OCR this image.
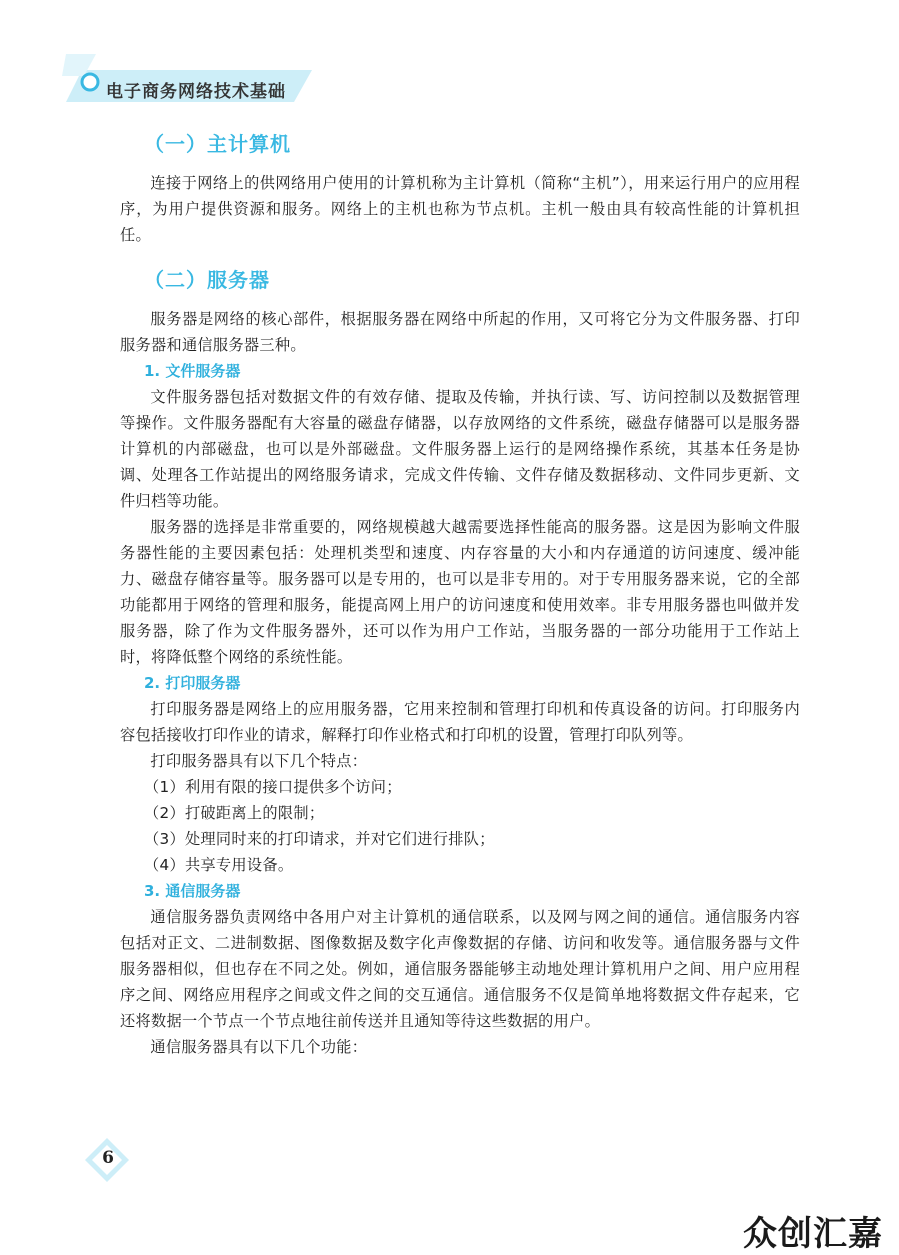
电子商务网络技术基础
（一）主计算机

连接于网络上的供网络用户使用的计算机称为主计算机（简称“主机”），用来运行用户的应用程序，为用户提供资源和服务。网络上的主机也称为节点机。主机一般由具有较高性能的计算机担任。

（二）服务器

服务器是网络的核心部件，根据服务器在网络中所起的作用，又可将它分为文件服务器、打印服务器和通信服务器三种。

1. 文件服务器

文件服务器包括对数据文件的有效存储、提取及传输，并执行读、写、访问控制以及数据管理等操作。文件服务器配有大容量的磁盘存储器，以存放网络的文件系统，磁盘存储器可以是服务器计算机的内部磁盘，也可以是外部磁盘。文件服务器上运行的是网络操作系统，其基本任务是协调、处理各工作站提出的网络服务请求，完成文件传输、文件存储及数据移动、文件同步更新、文件归档等功能。

服务器的选择是非常重要的，网络规模越大越需要选择性能高的服务器。这是因为影响文件服务器性能的主要因素包括：处理机类型和速度、内存容量的大小和内存通道的访问速度、缓冲能力、磁盘存储容量等。服务器可以是专用的，也可以是非专用的。对于专用服务器来说，它的全部功能都用于网络的管理和服务，能提高网上用户的访问速度和使用效率。非专用服务器也叫做并发服务器，除了作为文件服务器外，还可以作为用户工作站，当服务器的一部分功能用于工作站上时，将降低整个网络的系统性能。

2. 打印服务器

打印服务器是网络上的应用服务器，它用来控制和管理打印机和传真设备的访问。打印服务内容包括接收打印作业的请求，解释打印作业格式和打印机的设置，管理打印队列等。

打印服务器具有以下几个特点：

（1）利用有限的接口提供多个访问；

（2）打破距离上的限制；

（3）处理同时来的打印请求，并对它们进行排队；

（4）共享专用设备。

3. 通信服务器

通信服务器负责网络中各用户对主计算机的通信联系，以及网与网之间的通信。通信服务内容包括对正文、二进制数据、图像数据及数字化声像数据的存储、访问和收发等。通信服务器与文件服务器相似，但也存在不同之处。例如，通信服务器能够主动地处理计算机用户之间、用户应用程序之间、网络应用程序之间或文件之间的交互通信。通信服务不仅是简单地将数据文件存起来，它还将数据一个节点一个节点地往前传送并且通知等待这些数据的用户。

通信服务器具有以下几个功能：

6
众创汇嘉
